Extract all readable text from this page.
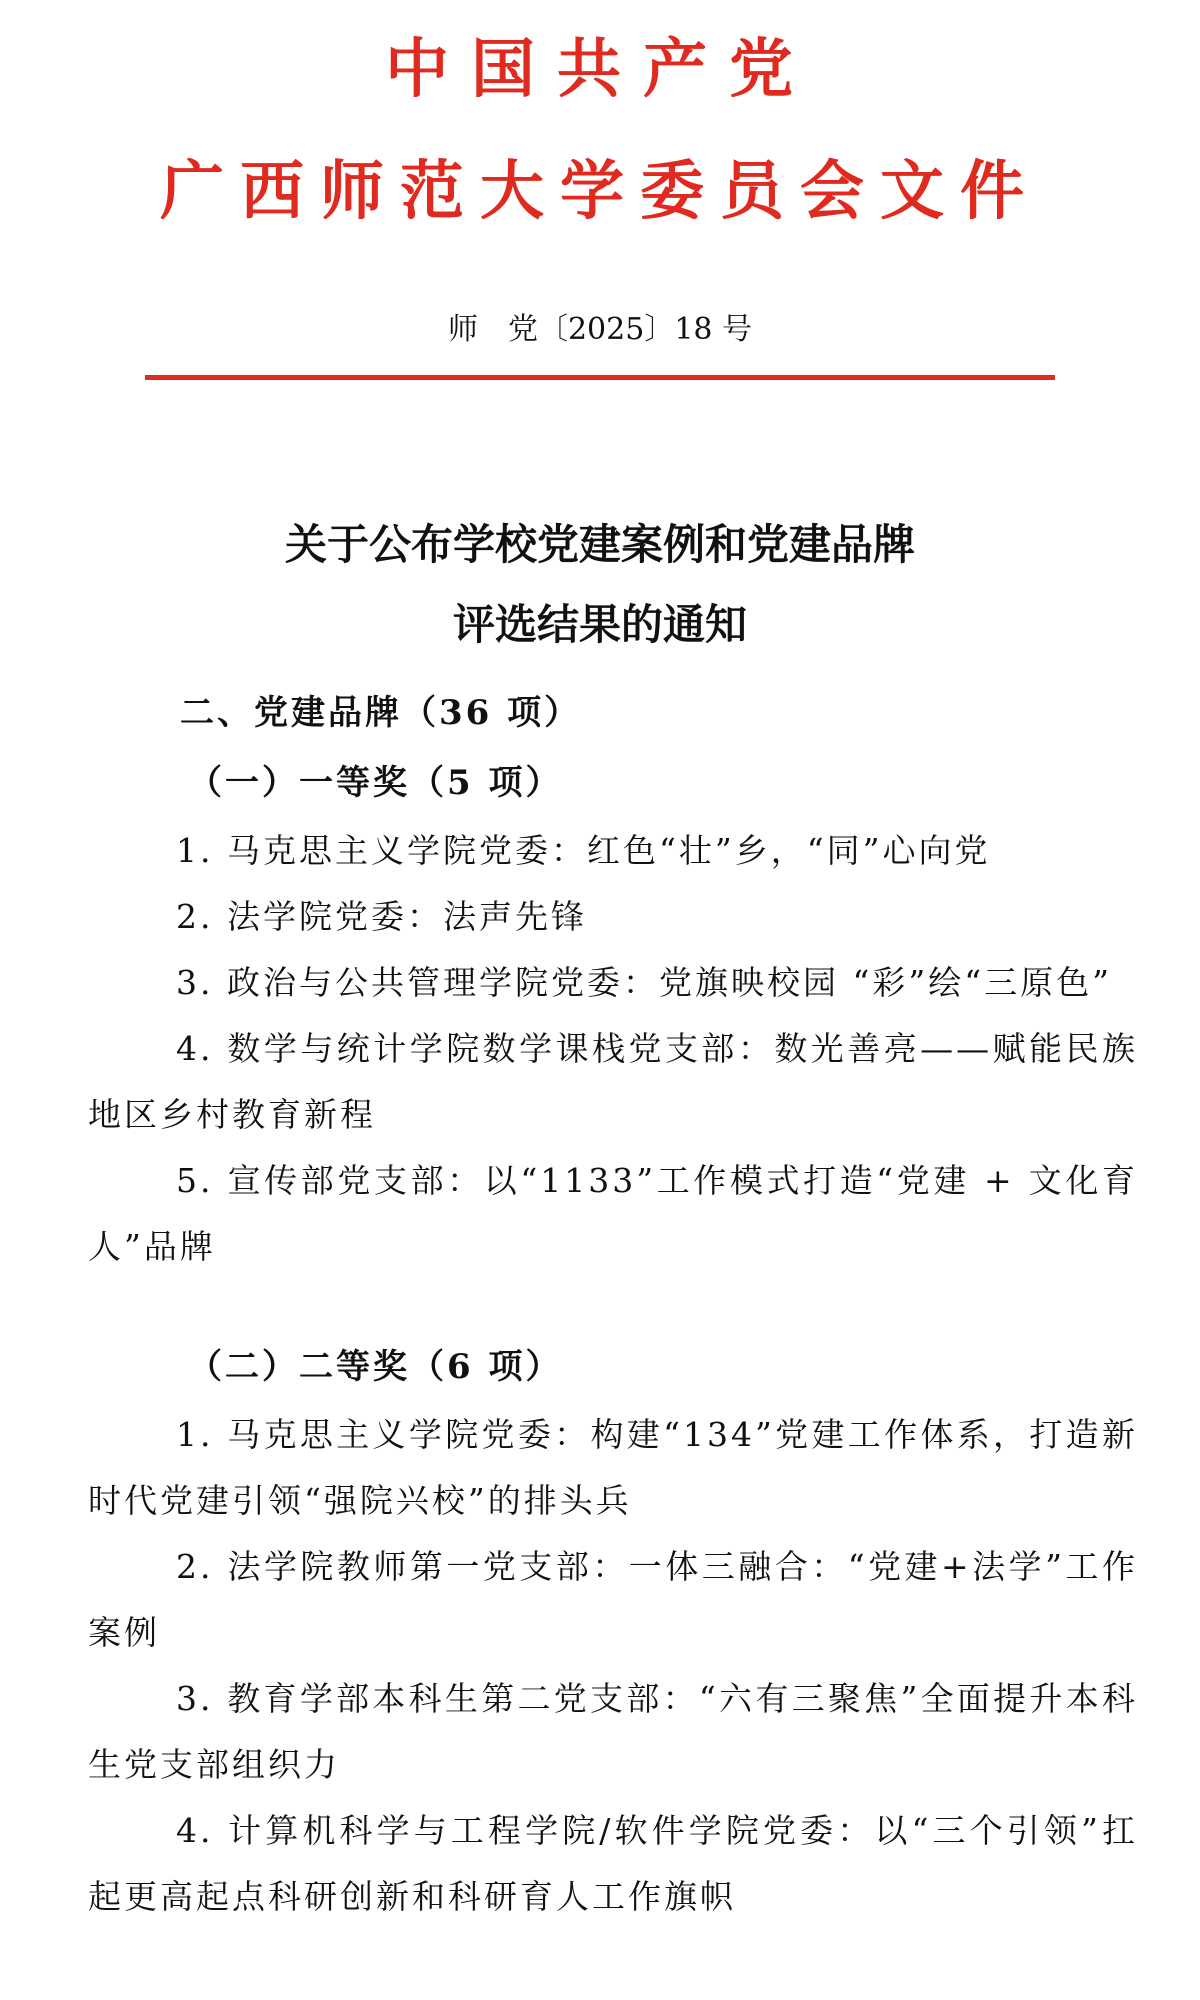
中国共产党
广西师范大学委员会文件

师　党〔2025〕18 号

关于公布学校党建案例和党建品牌
评选结果的通知

二、党建品牌（36 项）

（一）一等奖（5 项）

1. 马克思主义学院党委：红色“壮”乡，“同”心向党

2. 法学院党委：法声先锋

3. 政治与公共管理学院党委：党旗映校园 “彩”绘“三原色”

4. 数学与统计学院数学课栈党支部：数光善亮——赋能民族地区乡村教育新程

5. 宣传部党支部：以“1133”工作模式打造“党建 + 文化育人”品牌

（二）二等奖（6 项）

1. 马克思主义学院党委：构建“134”党建工作体系，打造新时代党建引领“强院兴校”的排头兵

2. 法学院教师第一党支部：一体三融合：“党建+法学”工作案例

3. 教育学部本科生第二党支部：“六有三聚焦”全面提升本科生党支部组织力

4. 计算机科学与工程学院/软件学院党委：以“三个引领”扛起更高起点科研创新和科研育人工作旗帜
